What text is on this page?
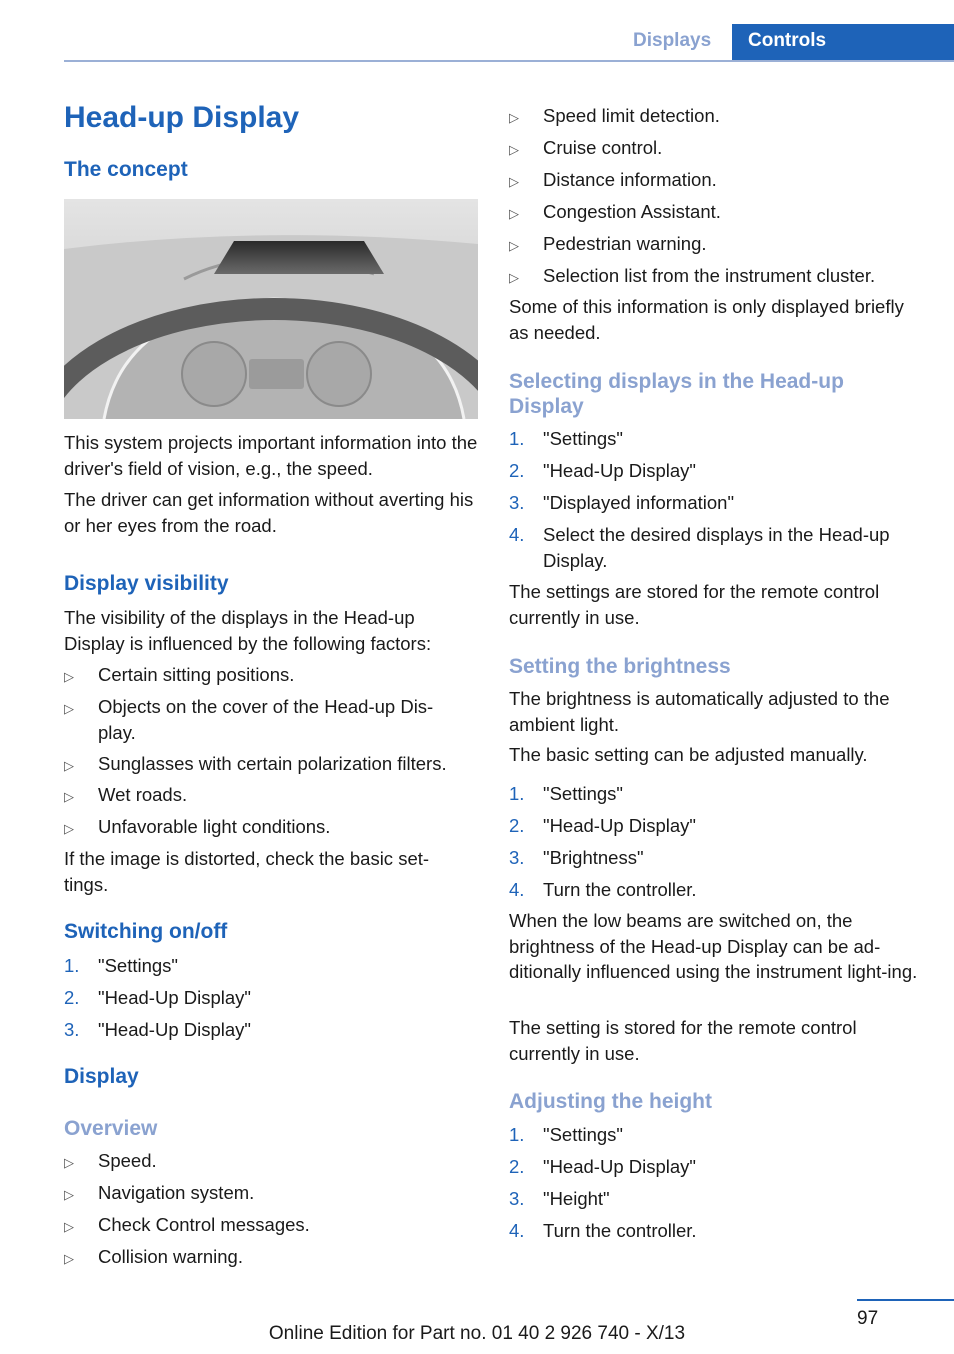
Displays	Controls
Head-up Display
The concept

This system projects important information into the driver's field of vision, e.g., the speed.

The driver can get information without averting his or her eyes from the road.

Display visibility

The visibility of the displays in the Head-up Display is influenced by the following factors:

▷ Certain sitting positions.
▷ Objects on the cover of the Head-up Dis-play.
▷ Sunglasses with certain polarization filters.
▷ Wet roads.
▷ Unfavorable light conditions.

If the image is distorted, check the basic set-tings.

Switching on/off
1. "Settings"
2. "Head-Up Display"
3. "Head-Up Display"
Display
Overview
▷ Speed.
▷ Navigation system.
▷ Check Control messages.
▷ Collision warning.
▷ Speed limit detection.
▷ Cruise control.
▷ Distance information.
▷ Congestion Assistant.
▷ Pedestrian warning.
▷ Selection list from the instrument cluster.

Some of this information is only displayed briefly as needed.

Selecting displays in the Head-up Display
1. "Settings"
2. "Head-Up Display"
3. "Displayed information"
4. Select the desired displays in the Head-up Display.

The settings are stored for the remote control currently in use.

Setting the brightness

The brightness is automatically adjusted to the ambient light.

The basic setting can be adjusted manually.

1. "Settings"
2. "Head-Up Display"
3. "Brightness"
4. Turn the controller.

When the low beams are switched on, the brightness of the Head-up Display can be ad-ditionally influenced using the instrument light-ing.

The setting is stored for the remote control currently in use.

Adjusting the height
1. "Settings"
2. "Head-Up Display"
3. "Height"
4. Turn the controller.
97
Online Edition for Part no. 01 40 2 926 740 - X/13
